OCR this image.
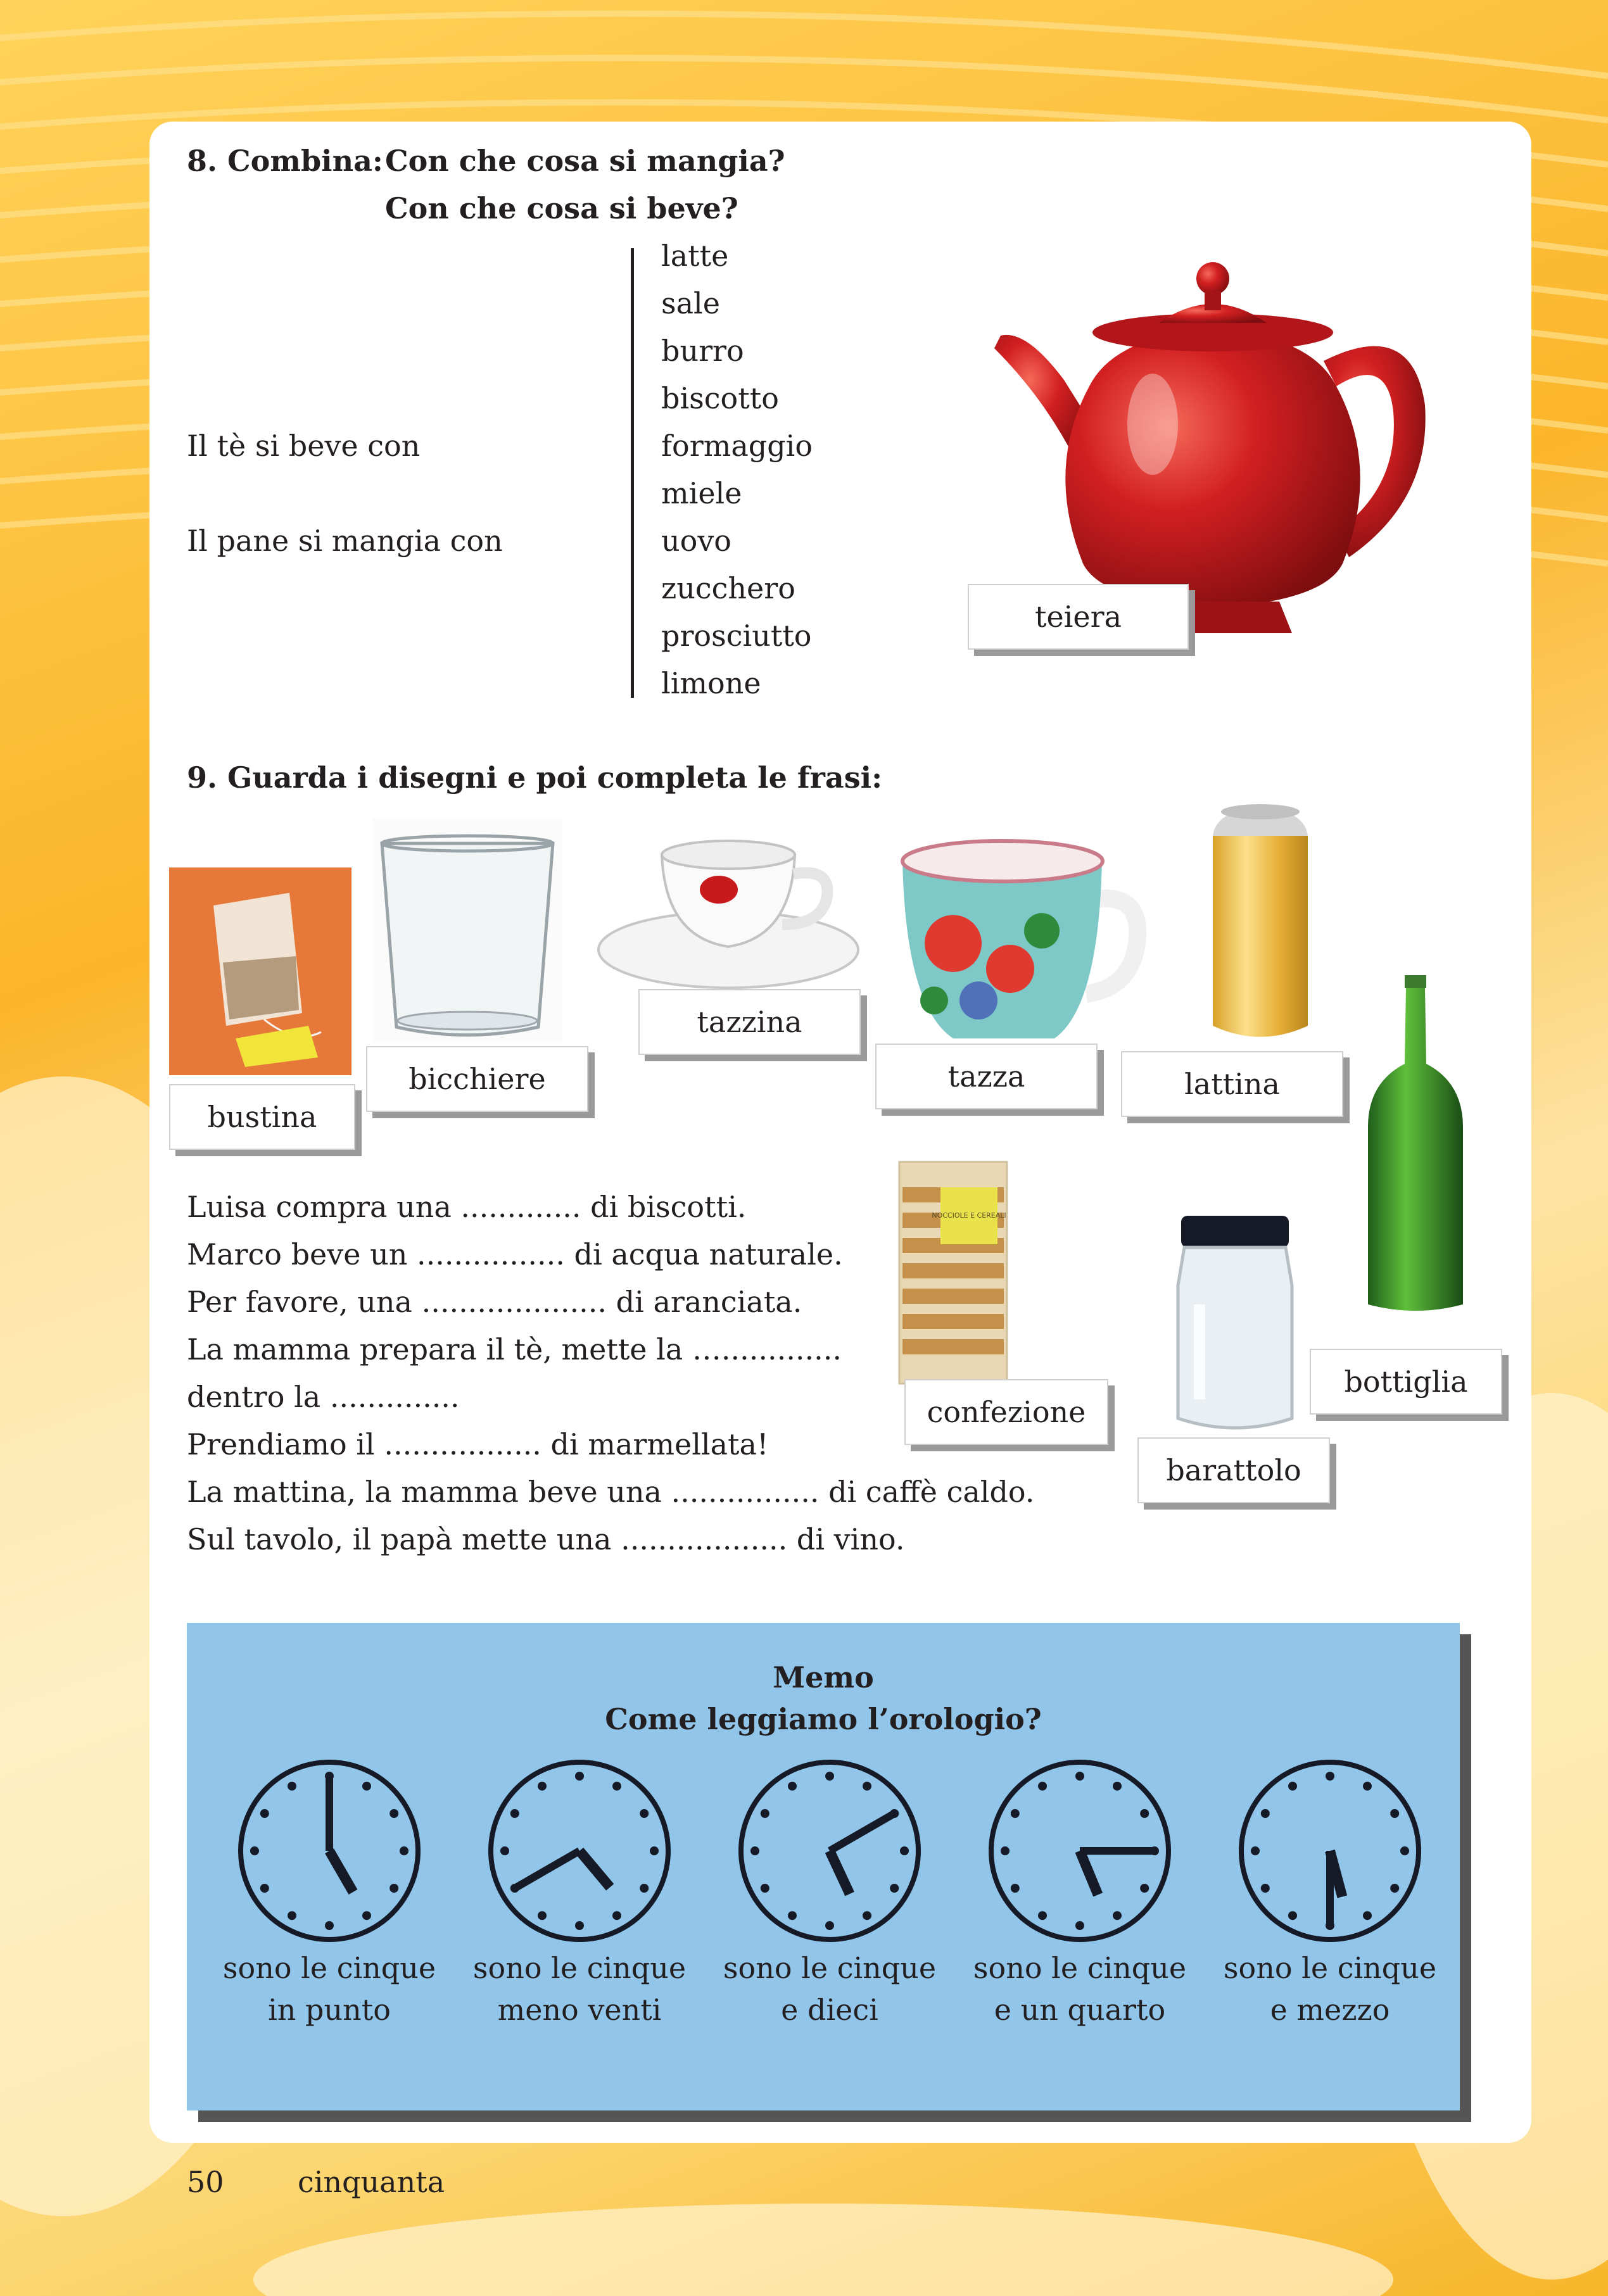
8. Combina: Con che cosa si mangia?
Con che cosa si beve?
Il tè si beve con
Il pane si mangia con
latte
sale
burro
biscotto
formaggio
miele
uovo
zucchero
prosciutto
limone
teiera
9. Guarda i disegni e poi completa le frasi:
bustina
bicchiere
tazzina
tazza	lattina
bottiglia
NOCCIOLE E CEREALI
confezione
barattolo
Luisa compra una ............. di biscotti.
Marco beve un ................ di acqua naturale.
Per favore, una .................... di aranciata.
La mamma prepara il tè, mette la ….............
dentro la ..............
Prendiamo il ................. di marmellata!
La mattina, la mamma beve una ................ di caffè caldo.
Sul tavolo, il papà mette una .................. di vino.
Memo
Come leggiamo l’orologio?
sono le cinque
in punto
sono le cinque
meno venti
sono le cinque
e dieci
sono le cinque
e un quarto
sono le cinque
e mezzo
50	cinquanta
